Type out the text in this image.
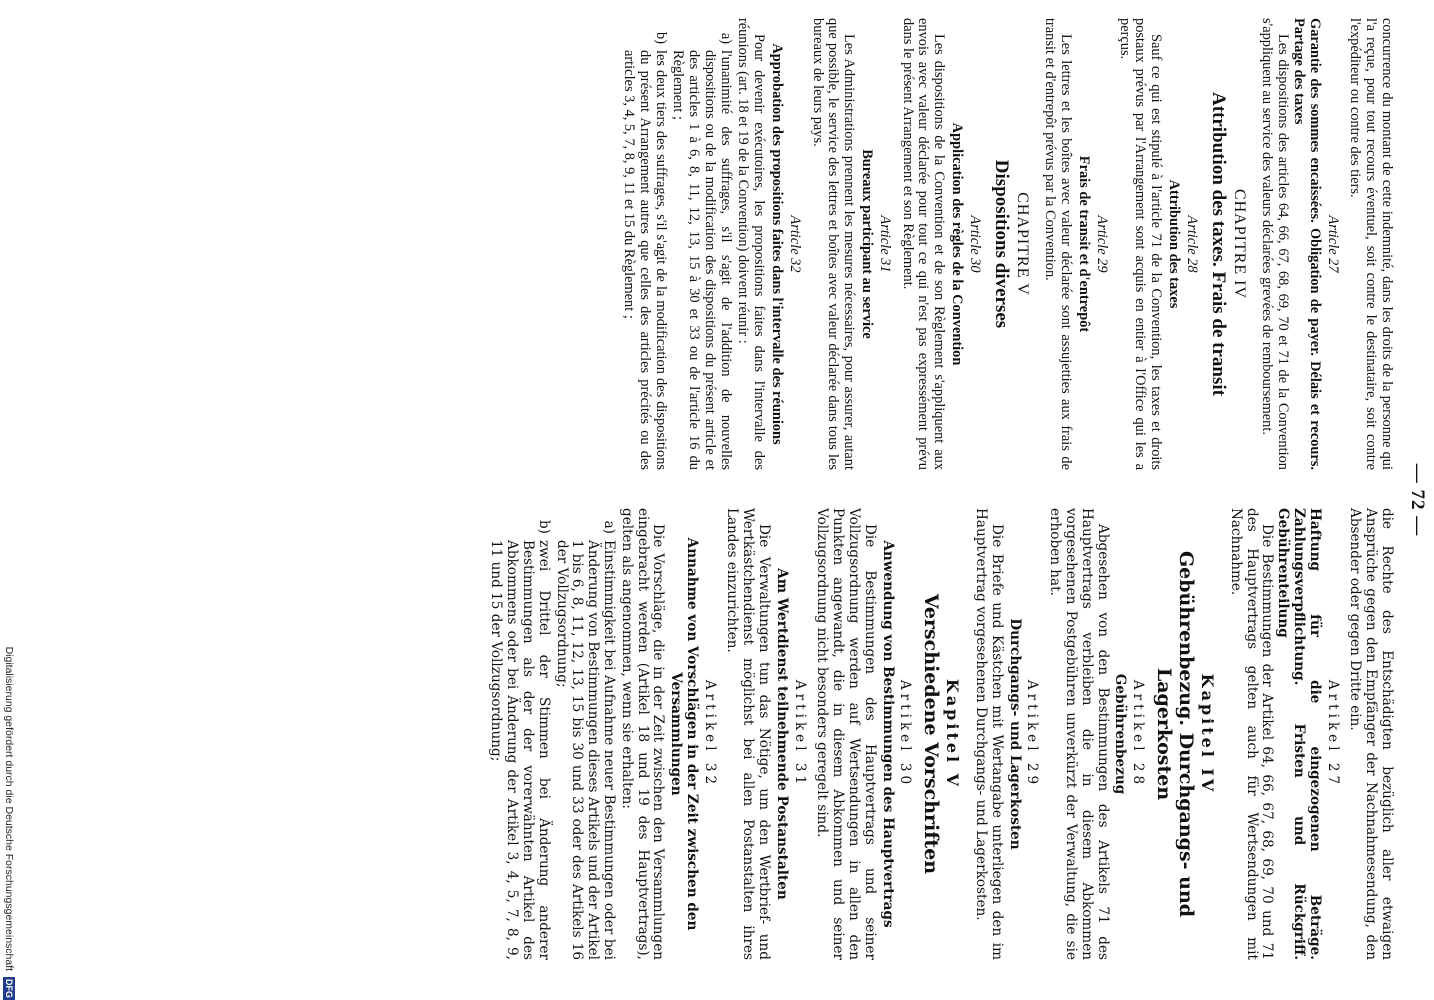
— 72 —

concurrence du montant de cette indemnité, dans les droits de la personne qui l'a reçue, pour tout recours éventuel, soit contre le destinataire, soit contre l'expéditeur ou contre des tiers.

Article 27

Garantie des sommes encaissées. Obligation de payer. Délais et recours. Partage des taxes

Les dispositions des articles 64, 66, 67, 68, 69, 70 et 71 de la Convention s'appliquent au service des valeurs déclarées grevées de remboursement.

CHAPITRE IV
Attribution des taxes. Frais de transit
Article 28
Attribution des taxes

Sauf ce qui est stipulé à l'article 71 de la Convention, les taxes et droits postaux prévus par l'Arrangement sont acquis en entier à l'Office qui les a perçus.

Article 29
Frais de transit et d'entrepôt

Les lettres et les boîtes avec valeur déclarée sont assujetties aux frais de transit et d'entrepôt prévus par la Convention.

CHAPITRE V
Dispositions diverses
Article 30
Application des règles de la Convention

Les dispositions de la Convention et de son Règlement s'appliquent aux envois avec valeur déclarée pour tout ce qui n'est pas expressément prévu dans le présent Arrangement et son Règlement.

Article 31
Bureaux participant au service

Les Administrations prennent les mesures nécessaires, pour assurer, autant que possible, le service des lettres et boîtes avec valeur déclarée dans tous les bureaux de leurs pays.

Article 32
Approbation des propositions faites dans l'intervalle des réunions

Pour devenir exécutoires, les propositions faites dans l'intervalle des réunions (art. 18 et 19 de la Convention) doivent réunir :

a)
l'unanimité des suffrages, s'il s'agit de l'addition de nouvelles dispositions ou de la modification des dispositions du présent article et des articles 1 à 6, 8, 11, 12, 13, 15 à 30 et 33 ou de l'article 16 du Règlement ;
b)
les deux tiers des suffrages, s'il s'agit de la modification des dispositions du présent Arrangement autres que celles des articles précités ou des articles 3, 4, 5, 7, 8, 9, 11 et 15 du Règlement ;

die Rechte des Entschädigten bezüglich aller etwaigen Ansprüche gegen den Empfänger der Nachnahmesendung, den Absender oder gegen Dritte ein.

Artikel 27

Haftung für die eingezogenen Beträge. Zahlungsverpflichtung. Fristen und Rückgriff. Gebührenteilung

Die Bestimmungen der Artikel 64, 66, 67, 68, 69, 70 und 71 des Hauptvertrags gelten auch für Wertsendungen mit Nachnahme.

Kapitel IV
Gebührenbezug. Durchgangs- und Lagerkosten
Artikel 28
Gebührenbezug

Abgesehen von den Bestimmungen des Artikels 71 des Hauptvertrags verbleiben die in diesem Abkommen vorgesehenen Postgebühren unverkürzt der Verwaltung, die sie erhoben hat.

Artikel 29
Durchgangs- und Lagerkosten

Die Briefe und Kästchen mit Wertangabe unterliegen den im Hauptvertrag vorgesehenen Durchgangs- und Lagerkosten.

Kapitel V
Verschiedene Vorschriften
Artikel 30
Anwendung von Bestimmungen des Hauptvertrags

Die Bestimmungen des Hauptvertrags und seiner Vollzugsordnung werden auf Wertsendungen in allen den Punkten angewandt, die in diesem Abkommen und seiner Vollzugsordnung nicht besonders geregelt sind.

Artikel 31
Am Wertdienst teilnehmende Postanstalten

Die Verwaltungen tun das Nötige, um den Wertbrief- und Wertkästchendienst möglichst bei allen Postanstalten ihres Landes einzurichten.

Artikel 32
Annahme von Vorschlägen in der Zeit zwischen den Versammlungen

Die Vorschläge, die in der Zeit zwischen den Versammlungen eingebracht werden (Artikel 18 und 19 des Hauptvertrags), gelten als angenommen, wenn sie erhalten:

a)
Einstimmigkeit bei Aufnahme neuer Bestimmungen oder bei Änderung von Bestimmungen dieses Artikels und der Artikel 1 bis 6, 8, 11, 12, 13, 15 bis 30 und 33 oder des Artikels 16 der Vollzugsordnung;
b)
zwei Drittel der Stimmen bei Änderung anderer Bestimmungen als der der vorerwähnten Artikel des Abkommens oder bei Änderung der Artikel 3, 4, 5, 7, 8, 9, 11 und 15 der Vollzugsordnung;
Digitalisierung gefördert durch die Deutsche Forschungsgemeinschaft DFG
